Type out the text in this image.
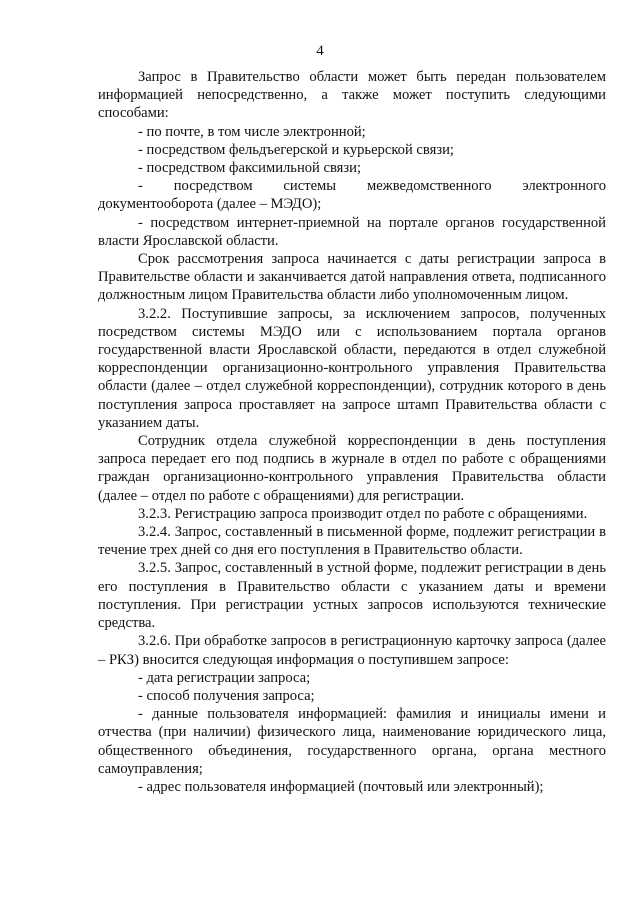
4

Запрос в Правительство области может быть передан пользователем информацией непосредственно, а также может поступить следующими способами:

- по почте, в том числе электронной;

- посредством фельдъегерской и курьерской связи;

- посредством факсимильной связи;

- посредством системы межведомственного электронного документооборота (далее – МЭДО);

- посредством интернет-приемной на портале органов государственной власти Ярославской области.

Срок рассмотрения запроса начинается с даты регистрации запроса в Правительстве области и заканчивается датой направления ответа, подписанного должностным лицом Правительства области либо уполномоченным лицом.

3.2.2. Поступившие запросы, за исключением запросов, полученных посредством системы МЭДО или с использованием портала органов государственной власти Ярославской области, передаются в отдел служебной корреспонденции организационно-контрольного управления Правительства области (далее – отдел служебной корреспонденции), сотрудник которого в день поступления запроса проставляет на запросе штамп Правительства области с указанием даты.

Сотрудник отдела служебной корреспонденции в день поступления запроса передает его под подпись в журнале в отдел по работе с обращениями граждан организационно-контрольного управления Правительства области (далее – отдел по работе с обращениями) для регистрации.

3.2.3. Регистрацию запроса производит отдел по работе с обращениями.

3.2.4. Запрос, составленный в письменной форме, подлежит регистрации в течение трех дней со дня его поступления в Правительство области.

3.2.5. Запрос, составленный в устной форме, подлежит регистрации в день его поступления в Правительство области с указанием даты и времени поступления. При регистрации устных запросов используются технические средства.

3.2.6. При обработке запросов в регистрационную карточку запроса (далее – РКЗ) вносится следующая информация о поступившем запросе:

- дата регистрации запроса;

- способ получения запроса;

- данные пользователя информацией: фамилия и инициалы имени и отчества (при наличии) физического лица, наименование юридического лица, общественного объединения, государственного органа, органа местного самоуправления;

- адрес пользователя информацией (почтовый или электронный);
